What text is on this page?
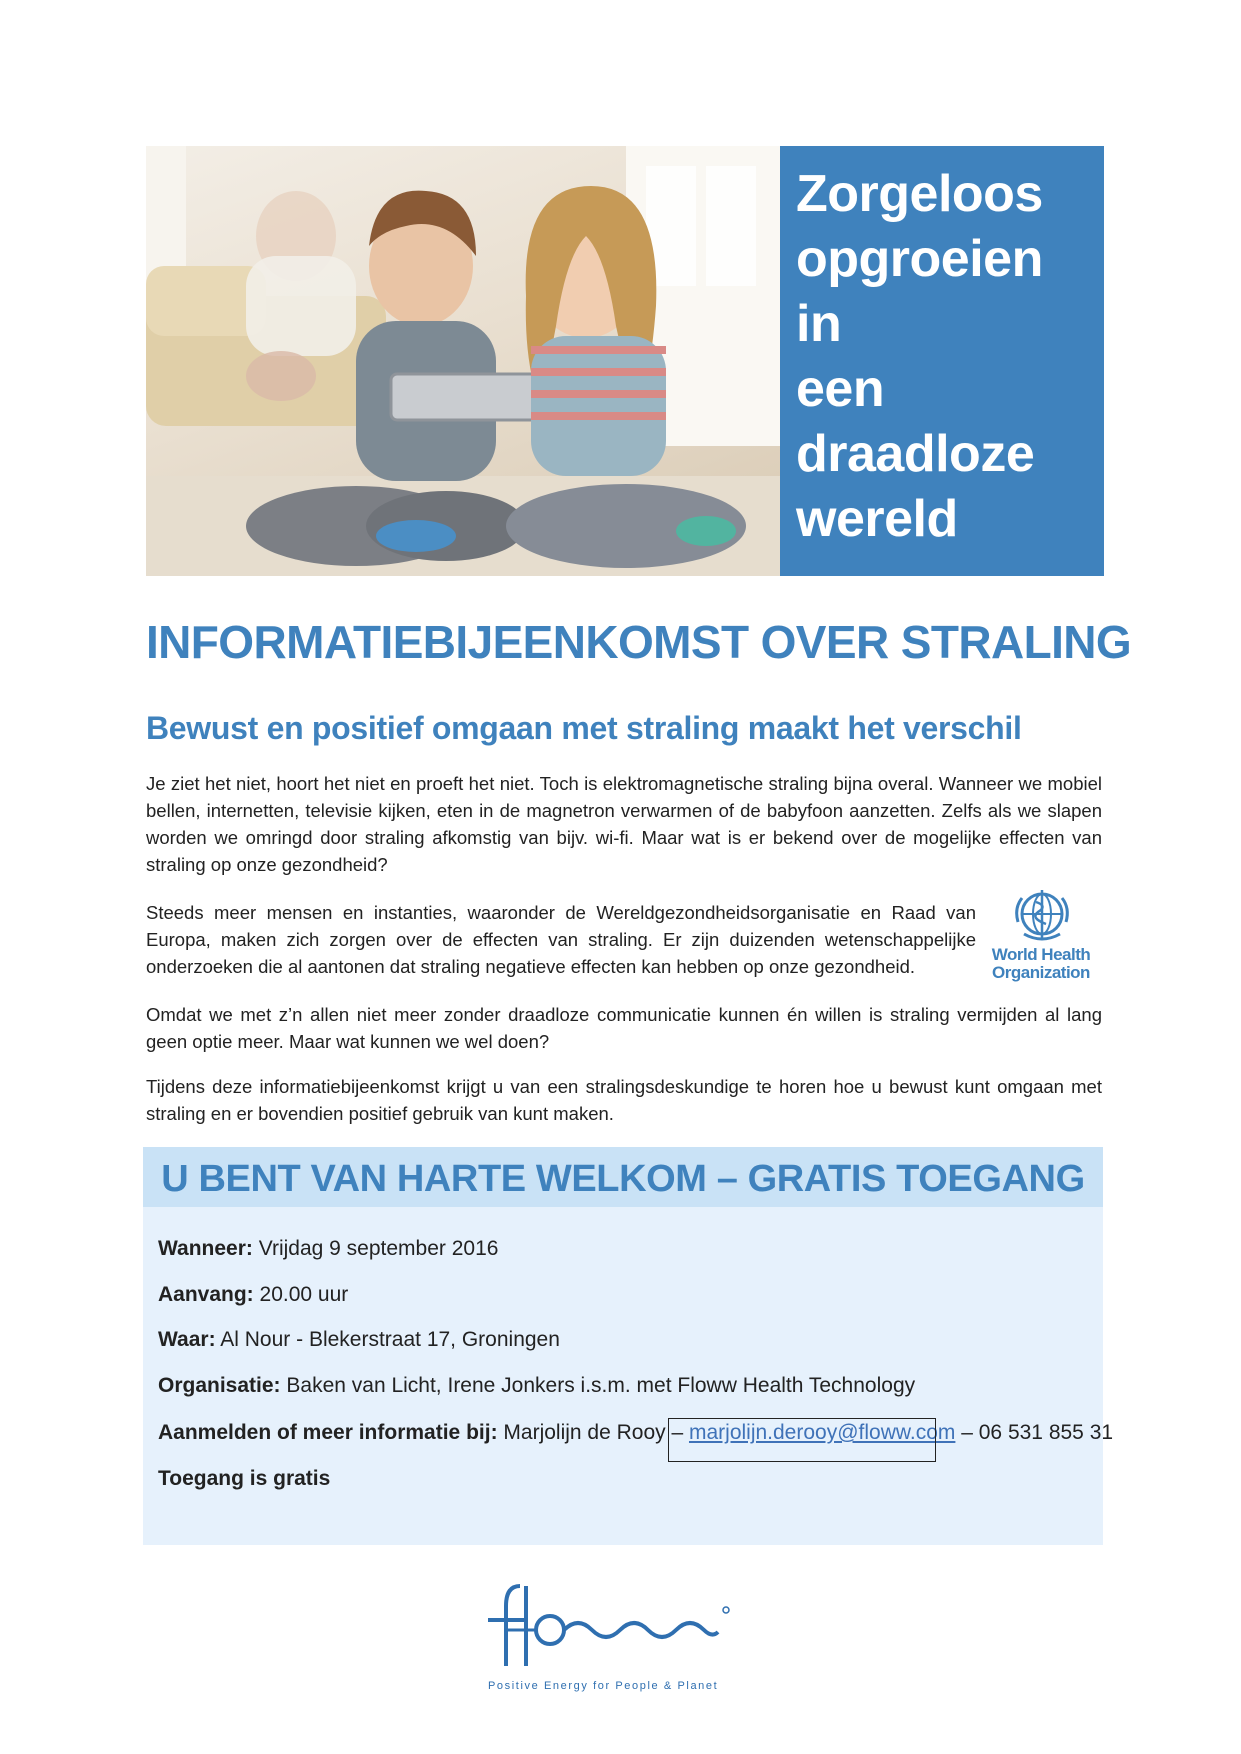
Zorgeloos
opgroeien in
een
draadloze
wereld
INFORMATIEBIJEENKOMST OVER STRALING
Bewust en positief omgaan met straling maakt het verschil
Je ziet het niet, hoort het niet en proeft het niet. Toch is elektromagnetische straling bijna overal. Wanneer we mobiel bellen, internetten, televisie kijken, eten in de magnetron verwarmen of de babyfoon aanzetten. Zelfs als we slapen worden we omringd door straling afkomstig van bijv. wi-fi. Maar wat is er bekend over de mogelijke effecten van straling op onze gezondheid?
Steeds meer mensen en instanties, waaronder de Wereldgezondheidsorganisatie en Raad van Europa, maken zich zorgen over de effecten van straling. Er zijn duizenden wetenschappelijke onderzoeken die al aantonen dat straling negatieve effecten kan hebben op onze gezondheid.
World Health
Organization
Omdat we met z’n allen niet meer zonder draadloze communicatie kunnen én willen is straling vermijden al lang geen optie meer. Maar wat kunnen we wel doen?
Tijdens deze informatiebijeenkomst krijgt u van een stralingsdeskundige te horen hoe u bewust kunt omgaan met straling en er bovendien positief gebruik van kunt maken.
U BENT VAN HARTE WELKOM – GRATIS TOEGANG
Wanneer: Vrijdag 9 september 2016
Aanvang: 20.00 uur
Waar: Al Nour - Blekerstraat 17, Groningen
Organisatie: Baken van Licht, Irene Jonkers i.s.m. met Floww Health Technology
Aanmelden of meer informatie bij: Marjolijn de Rooy – marjolijn.derooy@floww.com – 06 531 855 31
Toegang is gratis
Positive Energy for People & Planet
